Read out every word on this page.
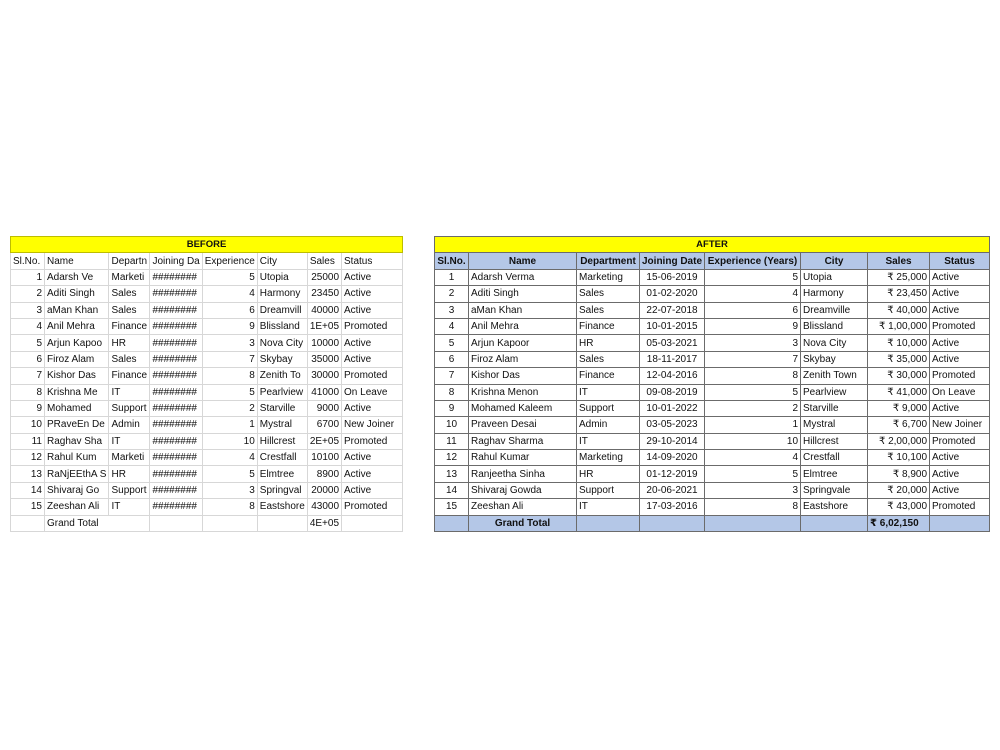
BEFORE							
Sl.No.	Name	Departn	Joining Da	Experience	City	Sales	Status
1	Adarsh Ve	Marketi	########	5	Utopia	25000	Active
2	Aditi Singh	Sales	########	4	Harmony	23450	Active
3	aMan Khan	Sales	########	6	Dreamvill	40000	Active
4	Anil Mehra	Finance	########	9	Blissland	1E+05	Promoted
5	Arjun Kapoo	HR	########	3	Nova City	10000	Active
6	Firoz Alam	Sales	########	7	Skybay	35000	Active
7	Kishor Das	Finance	########	8	Zenith To	30000	Promoted
8	Krishna Me	IT	########	5	Pearlview	41000	On Leave
9	Mohamed	Support	########	2	Starville	9000	Active
10	PRaveEn De	Admin	########	1	Mystral	6700	New Joiner
11	Raghav Sha	IT	########	10	Hillcrest	2E+05	Promoted
12	Rahul Kum	Marketi	########	4	Crestfall	10100	Active
13	RaNjEEthA S	HR	########	5	Elmtree	8900	Active
14	Shivaraj Go	Support	########	3	Springval	20000	Active
15	Zeeshan Ali	IT	########	8	Eastshore	43000	Promoted
	Grand Total					4E+05	
AFTER							
Sl.No.	Name	Department	Joining Date	Experience (Years)	City	Sales	Status
1	Adarsh Verma	Marketing	15-06-2019	5	Utopia	₹ 25,000	Active
2	Aditi Singh	Sales	01-02-2020	4	Harmony	₹ 23,450	Active
3	aMan Khan	Sales	22-07-2018	6	Dreamville	₹ 40,000	Active
4	Anil Mehra	Finance	10-01-2015	9	Blissland	₹ 1,00,000	Promoted
5	Arjun Kapoor	HR	05-03-2021	3	Nova City	₹ 10,000	Active
6	Firoz Alam	Sales	18-11-2017	7	Skybay	₹ 35,000	Active
7	Kishor Das	Finance	12-04-2016	8	Zenith Town	₹ 30,000	Promoted
8	Krishna Menon	IT	09-08-2019	5	Pearlview	₹ 41,000	On Leave
9	Mohamed Kaleem	Support	10-01-2022	2	Starville	₹ 9,000	Active
10	Praveen Desai	Admin	03-05-2023	1	Mystral	₹ 6,700	New Joiner
11	Raghav Sharma	IT	29-10-2014	10	Hillcrest	₹ 2,00,000	Promoted
12	Rahul Kumar	Marketing	14-09-2020	4	Crestfall	₹ 10,100	Active
13	Ranjeetha Sinha	HR	01-12-2019	5	Elmtree	₹ 8,900	Active
14	Shivaraj Gowda	Support	20-06-2021	3	Springvale	₹ 20,000	Active
15	Zeeshan Ali	IT	17-03-2016	8	Eastshore	₹ 43,000	Promoted
	Grand Total					₹ 6,02,150	
